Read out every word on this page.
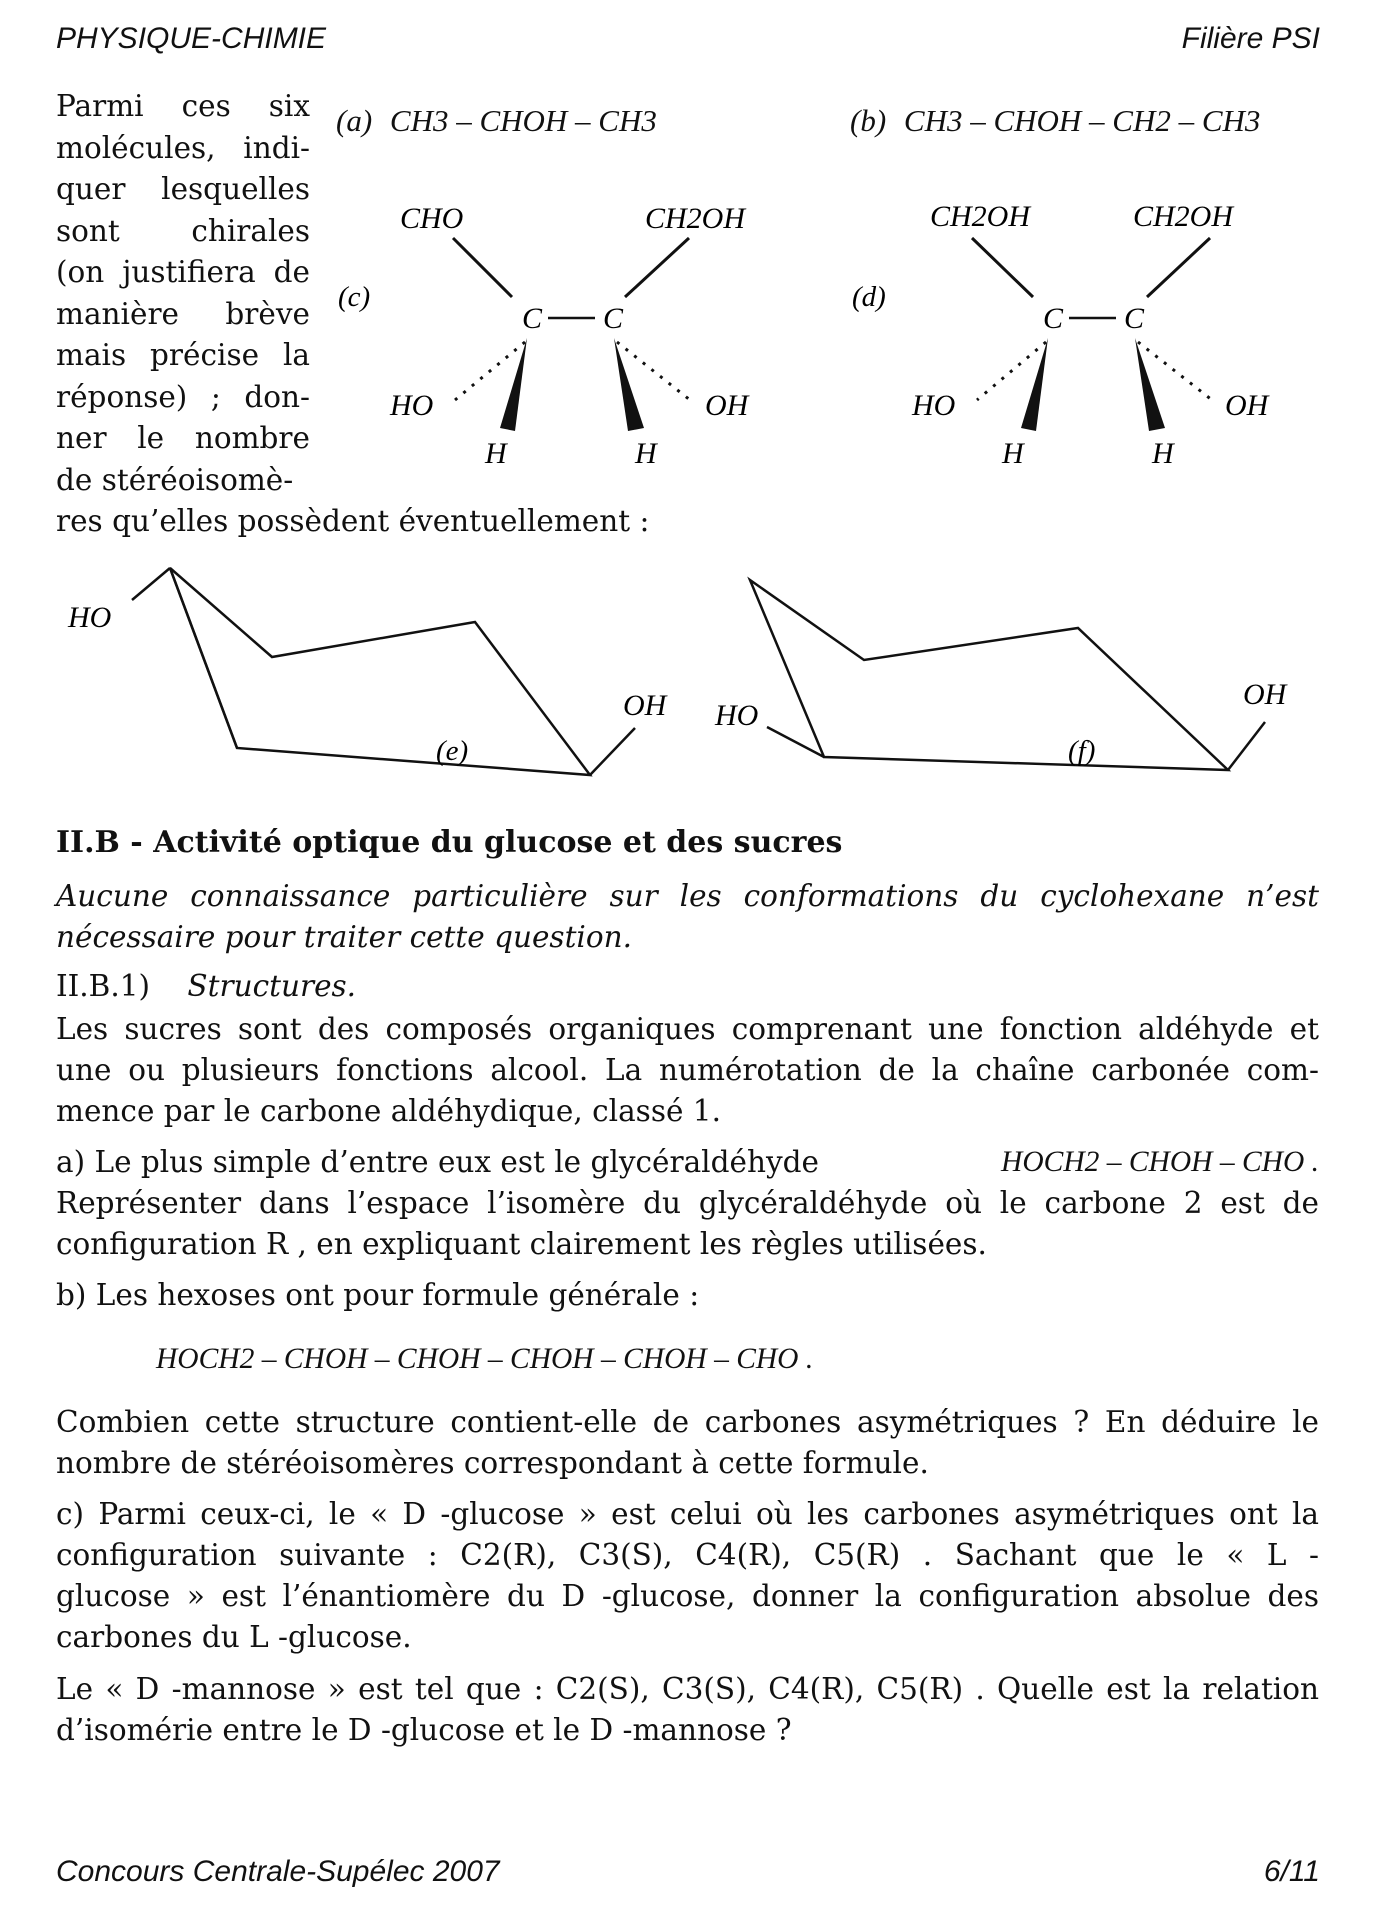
PHYSIQUE-CHIMIE	Filière PSI
Parmi ces six
molécules, indi-
quer lesquelles
sont chirales
(on justifiera de
manière brève
mais précise la
réponse) ; don-
ner le nombre
de stéréoisomè-
res qu’elles possèdent éventuellement :
(a) CH3 – CHOH – CH3	(b) CH3 – CHOH – CH2 – CH3
(c)
CHO	CH2OH
C C
HO	OH
H	H
(d)
CH2OH	CH2OH
C C
HO	OH
H	H
HO
OH
(e)
HO
OH
(f)
II.B - Activité optique du glucose et des sucres
Aucune connaissance particulière sur les conformations du cyclohexane n’est
nécessaire pour traiter cette question.
II.B.1) Structures.
Les sucres sont des composés organiques comprenant une fonction aldéhyde et
une ou plusieurs fonctions alcool. La numérotation de la chaîne carbonée com-
mence par le carbone aldéhydique, classé 1.
a) Le plus simple d’entre eux est le glycéraldéhyde	HOCH2 – CHOH – CHO .
Représenter dans l’espace l’isomère du glycéraldéhyde où le carbone 2 est de
configuration R , en expliquant clairement les règles utilisées.
b) Les hexoses ont pour formule générale :
HOCH2 – CHOH – CHOH – CHOH – CHOH – CHO .
Combien cette structure contient-elle de carbones asymétriques ? En déduire le
nombre de stéréoisomères correspondant à cette formule.
c) Parmi ceux-ci, le « D -glucose » est celui où les carbones asymétriques ont la
configuration suivante : C2(R), C3(S), C4(R), C5(R) . Sachant que le « L -
glucose » est l’énantiomère du D -glucose, donner la configuration absolue des
carbones du L -glucose.
Le « D -mannose » est tel que : C2(S), C3(S), C4(R), C5(R) . Quelle est la relation
d’isomérie entre le D -glucose et le D -mannose ?
Concours Centrale-Supélec 2007	6/11
